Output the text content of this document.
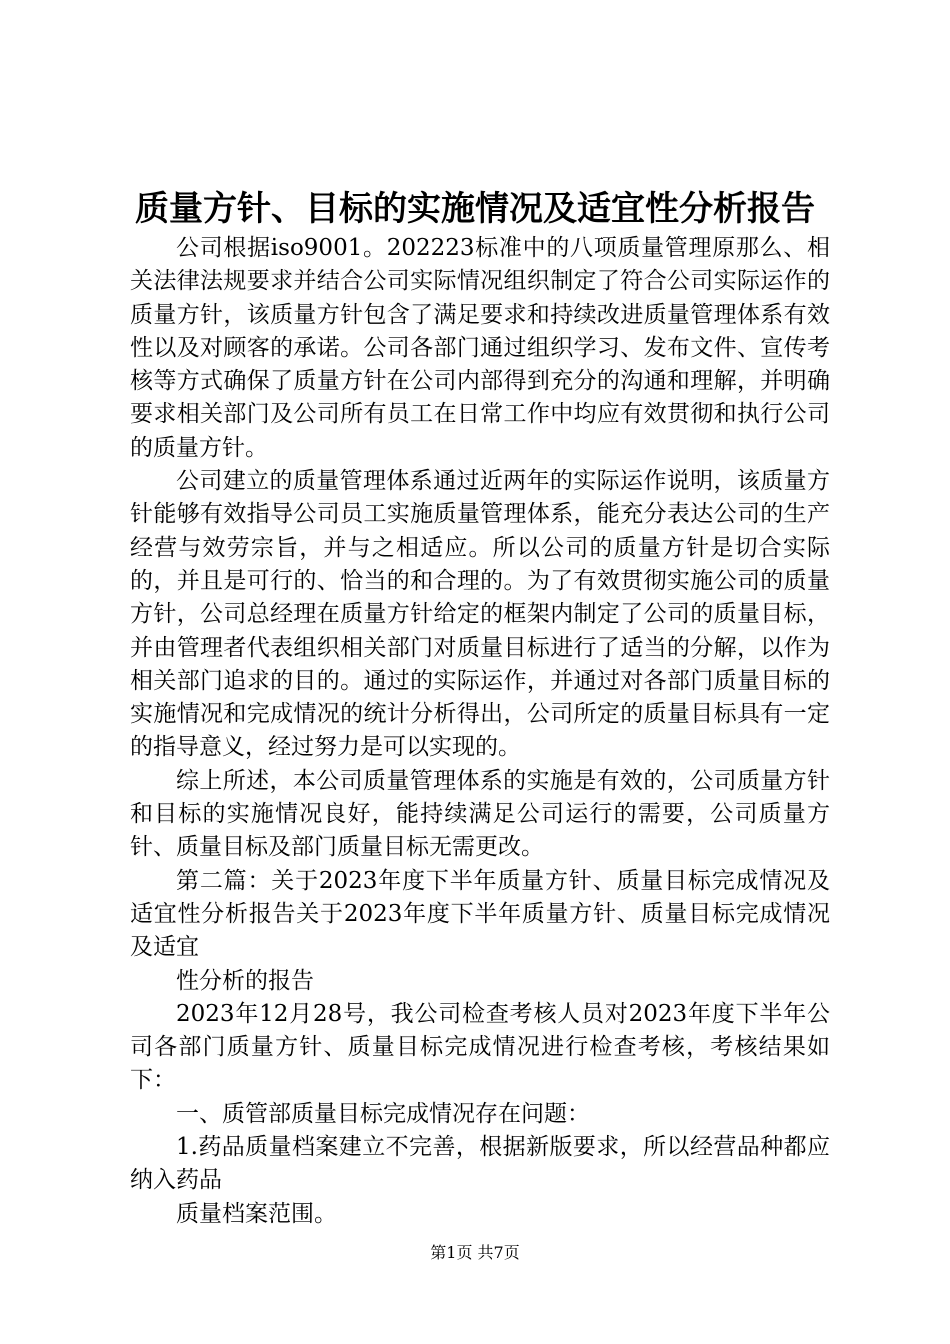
质量方针、目标的实施情况及适宜性分析报告

公司根据iso9001。202223标准中的八项质量管理原那么、相关法律法规要求并结合公司实际情况组织制定了符合公司实际运作的质量方针，该质量方针包含了满足要求和持续改进质量管理体系有效性以及对顾客的承诺。公司各部门通过组织学习、发布文件、宣传考核等方式确保了质量方针在公司内部得到充分的沟通和理解，并明确要求相关部门及公司所有员工在日常工作中均应有效贯彻和执行公司的质量方针。

公司建立的质量管理体系通过近两年的实际运作说明，该质量方针能够有效指导公司员工实施质量管理体系，能充分表达公司的生产经营与效劳宗旨，并与之相适应。所以公司的质量方针是切合实际的，并且是可行的、恰当的和合理的。为了有效贯彻实施公司的质量方针，公司总经理在质量方针给定的框架内制定了公司的质量目标，并由管理者代表组织相关部门对质量目标进行了适当的分解，以作为相关部门追求的目的。通过的实际运作，并通过对各部门质量目标的实施情况和完成情况的统计分析得出，公司所定的质量目标具有一定的指导意义，经过努力是可以实现的。

综上所述，本公司质量管理体系的实施是有效的，公司质量方针和目标的实施情况良好，能持续满足公司运行的需要，公司质量方针、质量目标及部门质量目标无需更改。

第二篇：关于2023年度下半年质量方针、质量目标完成情况及适宜性分析报告关于2023年度下半年质量方针、质量目标完成情况及适宜

性分析的报告

2023年12月28号，我公司检查考核人员对2023年度下半年公司各部门质量方针、质量目标完成情况进行检查考核，考核结果如下：

一、质管部质量目标完成情况存在问题：

1.药品质量档案建立不完善，根据新版要求，所以经营品种都应纳入药品

质量档案范围。

第1页 共7页
